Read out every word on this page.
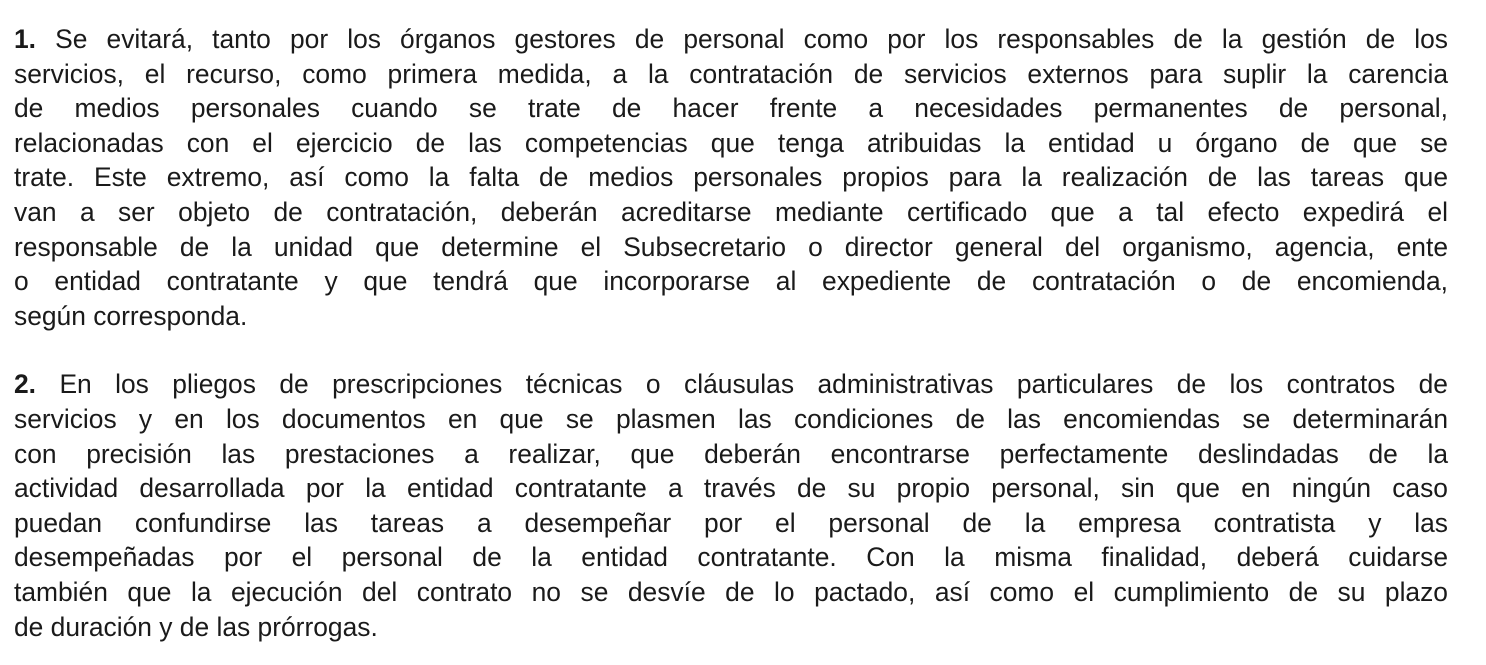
1. Se evitará, tanto por los órganos gestores de personal como por los responsables de la gestión de los
servicios, el recurso, como primera medida, a la contratación de servicios externos para suplir la carencia
de medios personales cuando se trate de hacer frente a necesidades permanentes de personal,
relacionadas con el ejercicio de las competencias que tenga atribuidas la entidad u órgano de que se
trate. Este extremo, así como la falta de medios personales propios para la realización de las tareas que
van a ser objeto de contratación, deberán acreditarse mediante certificado que a tal efecto expedirá el
responsable de la unidad que determine el Subsecretario o director general del organismo, agencia, ente
o entidad contratante y que tendrá que incorporarse al expediente de contratación o de encomienda,
según corresponda.
2. En los pliegos de prescripciones técnicas o cláusulas administrativas particulares de los contratos de
servicios y en los documentos en que se plasmen las condiciones de las encomiendas se determinarán
con precisión las prestaciones a realizar, que deberán encontrarse perfectamente deslindadas de la
actividad desarrollada por la entidad contratante a través de su propio personal, sin que en ningún caso
puedan confundirse las tareas a desempeñar por el personal de la empresa contratista y las
desempeñadas por el personal de la entidad contratante. Con la misma finalidad, deberá cuidarse
también que la ejecución del contrato no se desvíe de lo pactado, así como el cumplimiento de su plazo
de duración y de las prórrogas.
